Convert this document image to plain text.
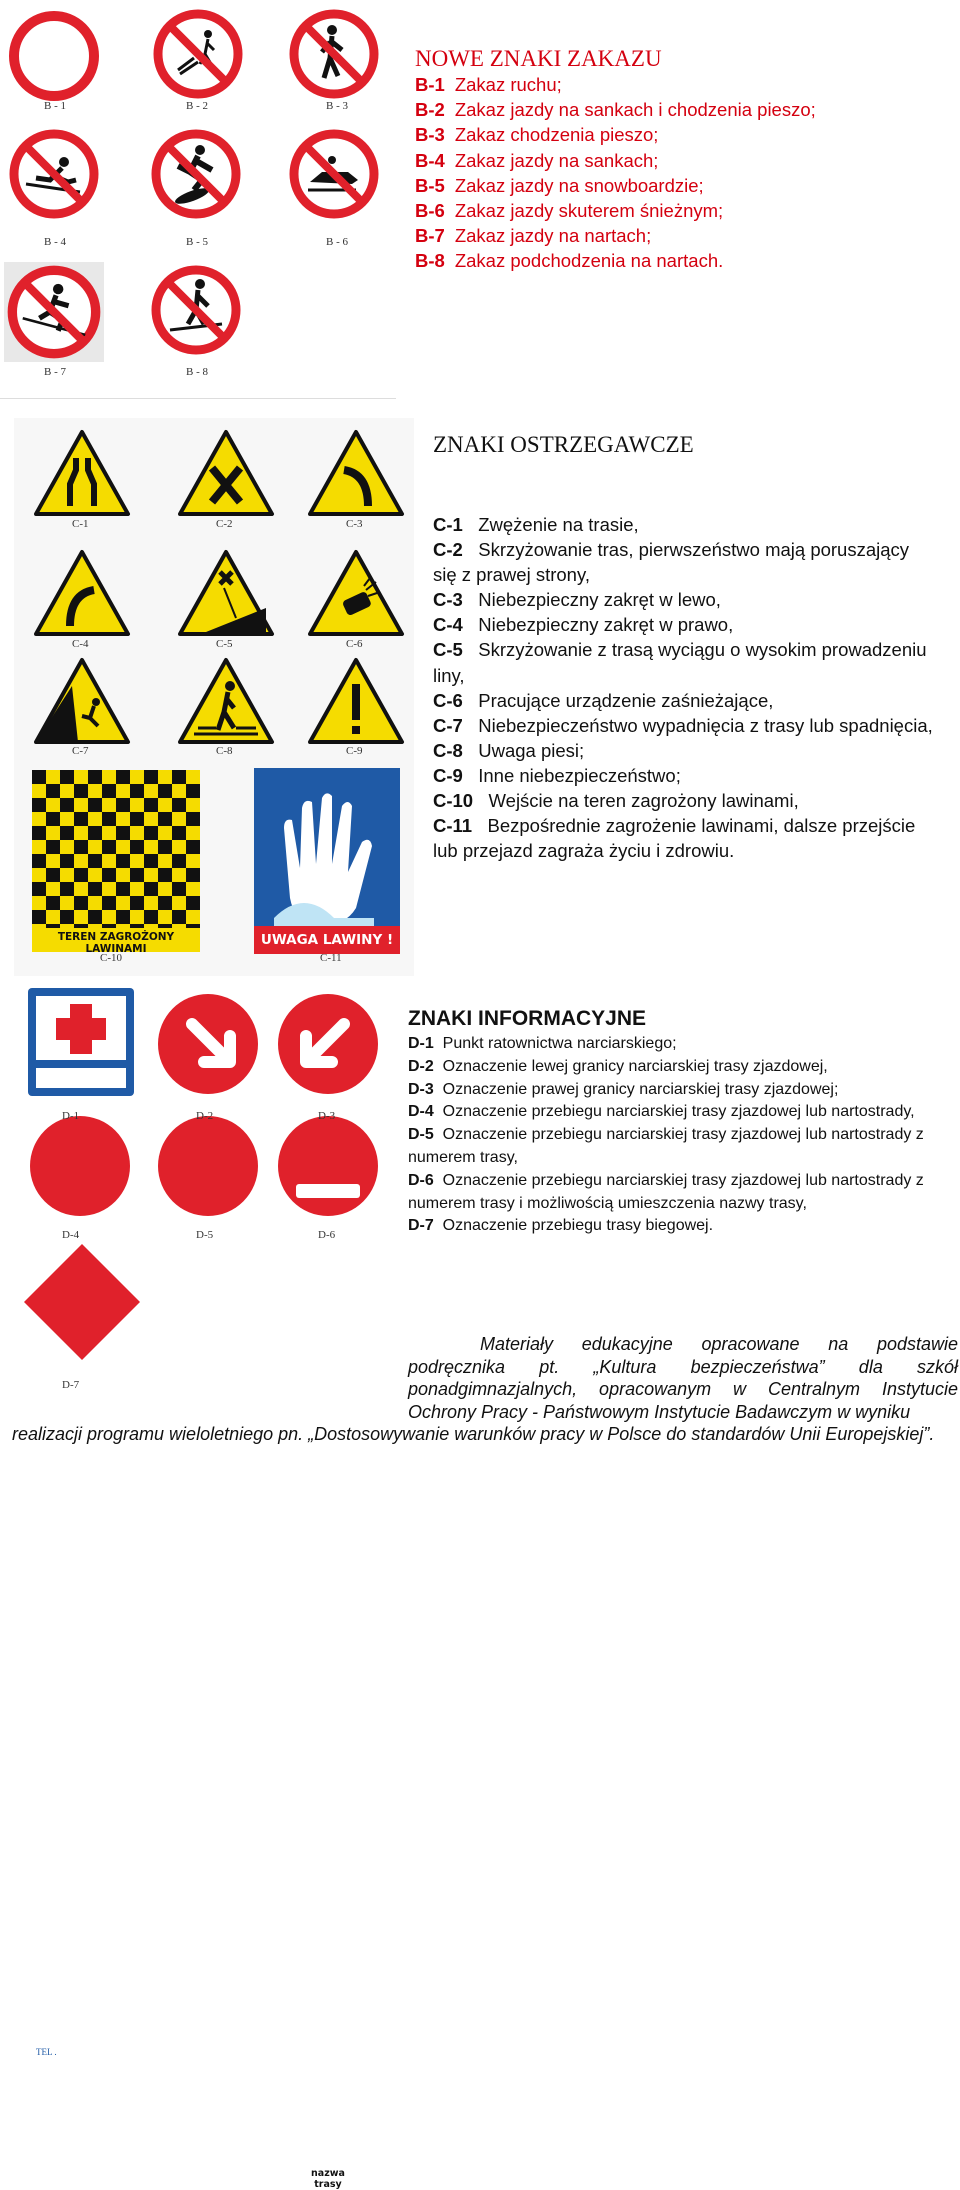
B - 1	B - 2	B - 3
B - 4	B - 5	B - 6
B - 7	B - 8
NOWE ZNAKI ZAKAZU
B-1 Zakaz ruchu;
B-2 Zakaz jazdy na sankach i chodzenia pieszo;
B-3 Zakaz chodzenia pieszo;
B-4 Zakaz jazdy na sankach;
B-5 Zakaz jazdy na snowboardzie;
B-6 Zakaz jazdy skuterem śnieżnym;
B-7 Zakaz jazdy na nartach;
B-8 Zakaz podchodzenia na nartach.
TEREN ZAGROŻONY LAWINAMI
UWAGA LAWINY !
C-1	C-2	C-3
C-4	C-5	C-6
C-7	C-8	C-9
C-10	C-11
ZNAKI OSTRZEGAWCZE
C-1 Zwężenie na trasie,
C-2 Skrzyżowanie tras, pierwszeństwo mają poruszający się z prawej strony,
C-3 Niebezpieczny zakręt w lewo,
C-4 Niebezpieczny zakręt w prawo,
C-5 Skrzyżowanie z trasą wyciągu o wysokim prowadzeniu liny,
C-6 Pracujące urządzenie zaśnieżające,
C-7 Niebezpieczeństwo wypadnięcia z trasy lub spadnięcia,
C-8 Uwaga piesi;
C-9 Inne niebezpieczeństwo;
C-10 Wejście na teren zagrożony lawinami,
C-11 Bezpośrednie zagrożenie lawinami, dalsze przejście lub przejazd zagraża życiu i zdrowiu.
TEL .
2	22
nazwa trasy
D-1	D-2	D-3
D-4	D-5	D-6
D-7
ZNAKI INFORMACYJNE
D-1 Punkt ratownictwa narciarskiego;
D-2 Oznaczenie lewej granicy narciarskiej trasy zjazdowej,
D-3 Oznaczenie prawej granicy narciarskiej trasy zjazdowej;
D-4 Oznaczenie przebiegu narciarskiej trasy zjazdowej lub nartostrady,
D-5 Oznaczenie przebiegu narciarskiej trasy zjazdowej lub nartostrady z numerem trasy,
D-6 Oznaczenie przebiegu narciarskiej trasy zjazdowej lub nartostrady z numerem trasy i możliwością umieszczenia nazwy trasy,
D-7 Oznaczenie przebiegu trasy biegowej.
Materiały edukacyjne opracowane na podstawie podręcznika pt. „Kultura bezpieczeństwa” dla szkół ponadgimnazjalnych, opracowanym w Centralnym Instytucie Ochrony Pracy - Państwowym Instytucie Badawczym w wyniku
realizacji programu wieloletniego pn. „Dostosowywanie warunków pracy w Polsce do standardów Unii Europejskiej”.
